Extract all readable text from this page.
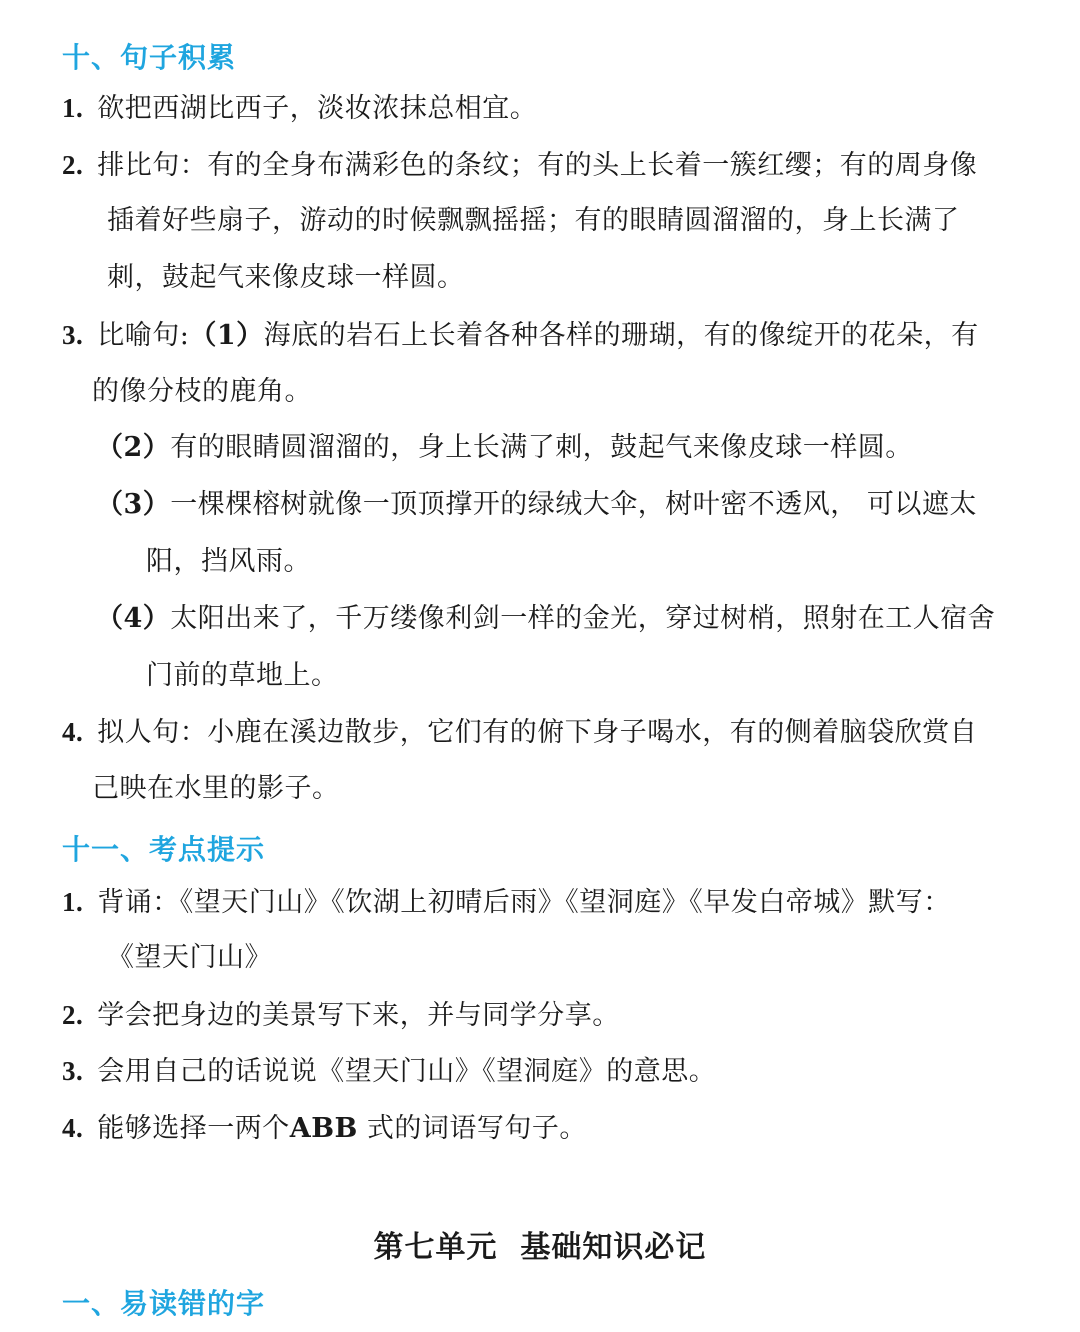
十、句子积累
1. 欲把西湖比西子，淡妆浓抹总相宜。
2. 排比句：有的全身布满彩色的条纹；有的头上长着一簇红缨；有的周身像
插着好些扇子，游动的时候飘飘摇摇；有的眼睛圆溜溜的，身上长满了
刺，鼓起气来像皮球一样圆。
3. 比喻句:（1）海底的岩石上长着各种各样的珊瑚，有的像绽开的花朵，有
的像分枝的鹿角。
（2）有的眼睛圆溜溜的，身上长满了刺，鼓起气来像皮球一样圆。
（3）一棵棵榕树就像一顶顶撑开的绿绒大伞，树叶密不透风， 可以遮太
阳，挡风雨。
（4）太阳出来了，千万缕像利剑一样的金光，穿过树梢，照射在工人宿舍
门前的草地上。
4. 拟人句：小鹿在溪边散步，它们有的俯下身子喝水，有的侧着脑袋欣赏自
己映在水里的影子。
十一、考点提示
1. 背诵：《望天门山》《饮湖上初晴后雨》《望洞庭》《早发白帝城》默写：
《望天门山》
2. 学会把身边的美景写下来，并与同学分享。
3. 会用自己的话说说《望天门山》《望洞庭》的意思。
4. 能够选择一两个ABB 式的词语写句子。
第七单元  基础知识必记
一、易读错的字
